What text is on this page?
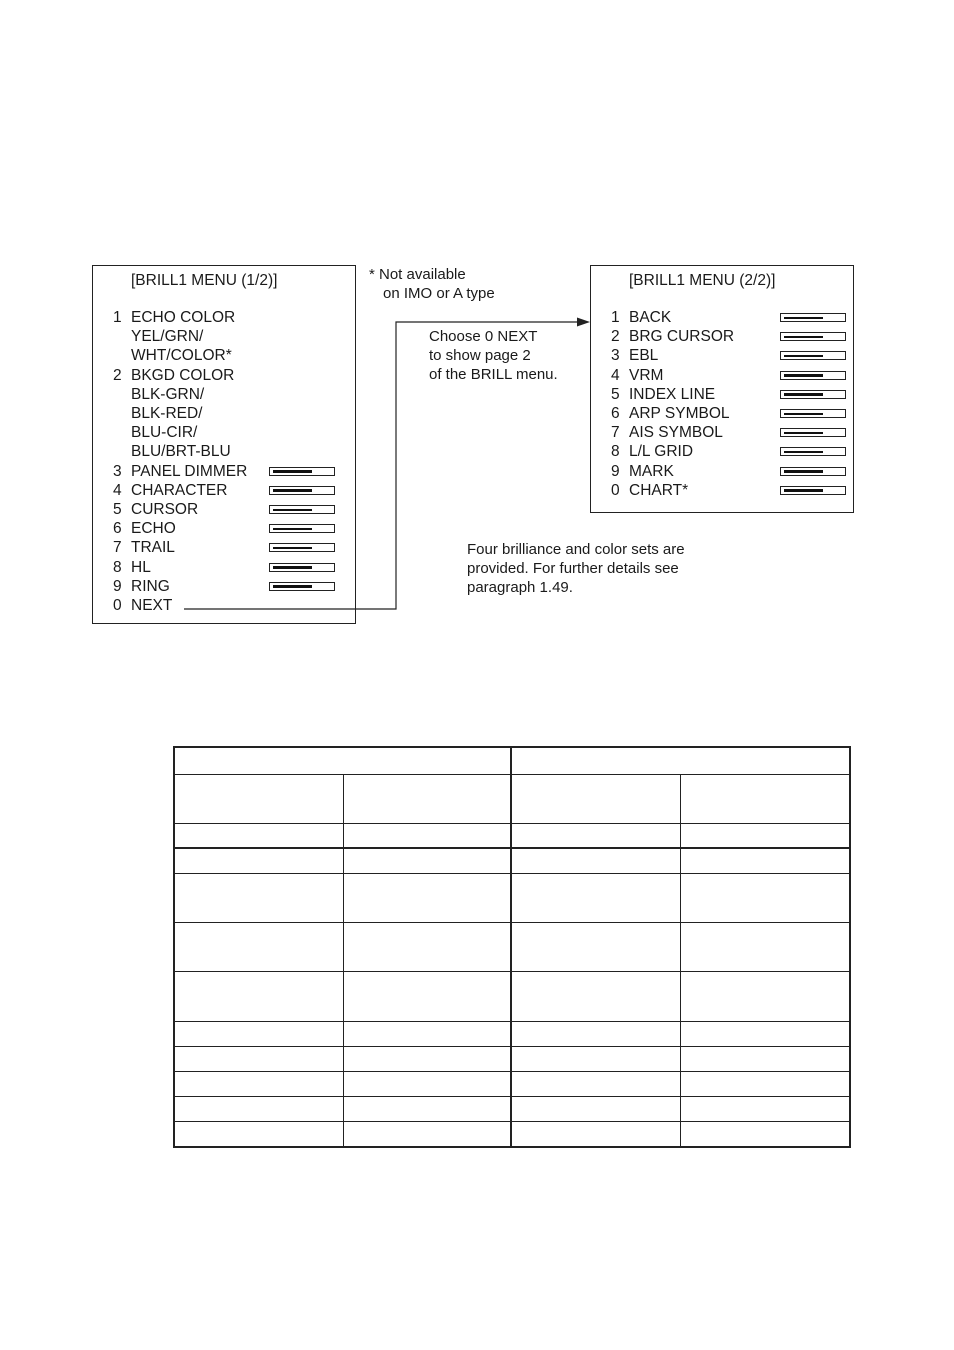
[BRILL1 MENU (1/2)]
1 ECHO COLOR
YEL/GRN/
WHT/COLOR*
2 BKGD COLOR
BLK-GRN/
BLK-RED/
BLU-CIR/
BLU/BRT-BLU
3 PANEL DIMMER
4 CHARACTER
5 CURSOR
6 ECHO
7 TRAIL
8 HL
9 RING
0 NEXT
[BRILL1 MENU (2/2)]
1 BACK
2 BRG CURSOR
3 EBL
4 VRM
5 INDEX LINE
6 ARP SYMBOL
7 AIS SYMBOL
8 L/L GRID
9 MARK
0 CHART*
* Not available
on IMO or A type
Choose 0 NEXT
to show page 2
of the BRILL menu.
Four brilliance and color sets are
provided. For further details see
paragraph 1.49.
